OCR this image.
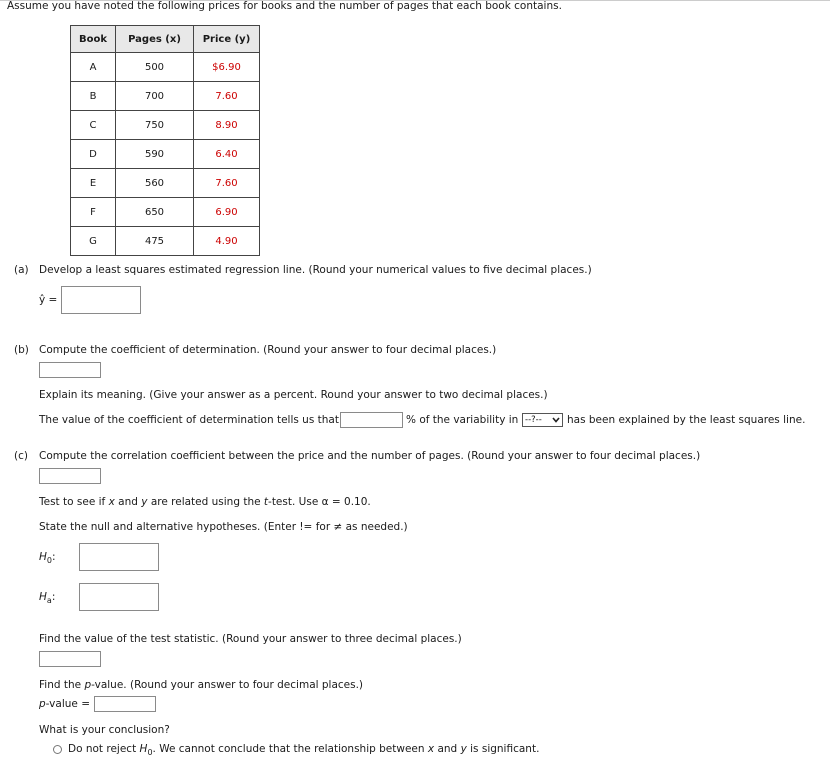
Assume you have noted the following prices for books and the number of pages that each book contains.
Book	Pages (x)	Price (y)
A	500	$6.90
B	700	7.60
C	750	8.90
D	590	6.40
E	560	7.60
F	650	6.90
G	475	4.90
(a) Develop a least squares estimated regression line. (Round your numerical values to five decimal places.)
ŷ =
(b) Compute the coefficient of determination. (Round your answer to four decimal places.)
Explain its meaning. (Give your answer as a percent. Round your answer to two decimal places.)
The value of the coefficient of determination tells us that	% of the variability in --?-- has been explained by the least squares line.
(c) Compute the correlation coefficient between the price and the number of pages. (Round your answer to four decimal places.)
Test to see if x and y are related using the t-test. Use α = 0.10.
State the null and alternative hypotheses. (Enter != for ≠ as needed.)
$H_0$:
$H_a$:
Find the value of the test statistic. (Round your answer to three decimal places.)
Find the p-value. (Round your answer to four decimal places.)
p-value =
What is your conclusion?
Do not reject $H_0$. We cannot conclude that the relationship between x and y is significant.
